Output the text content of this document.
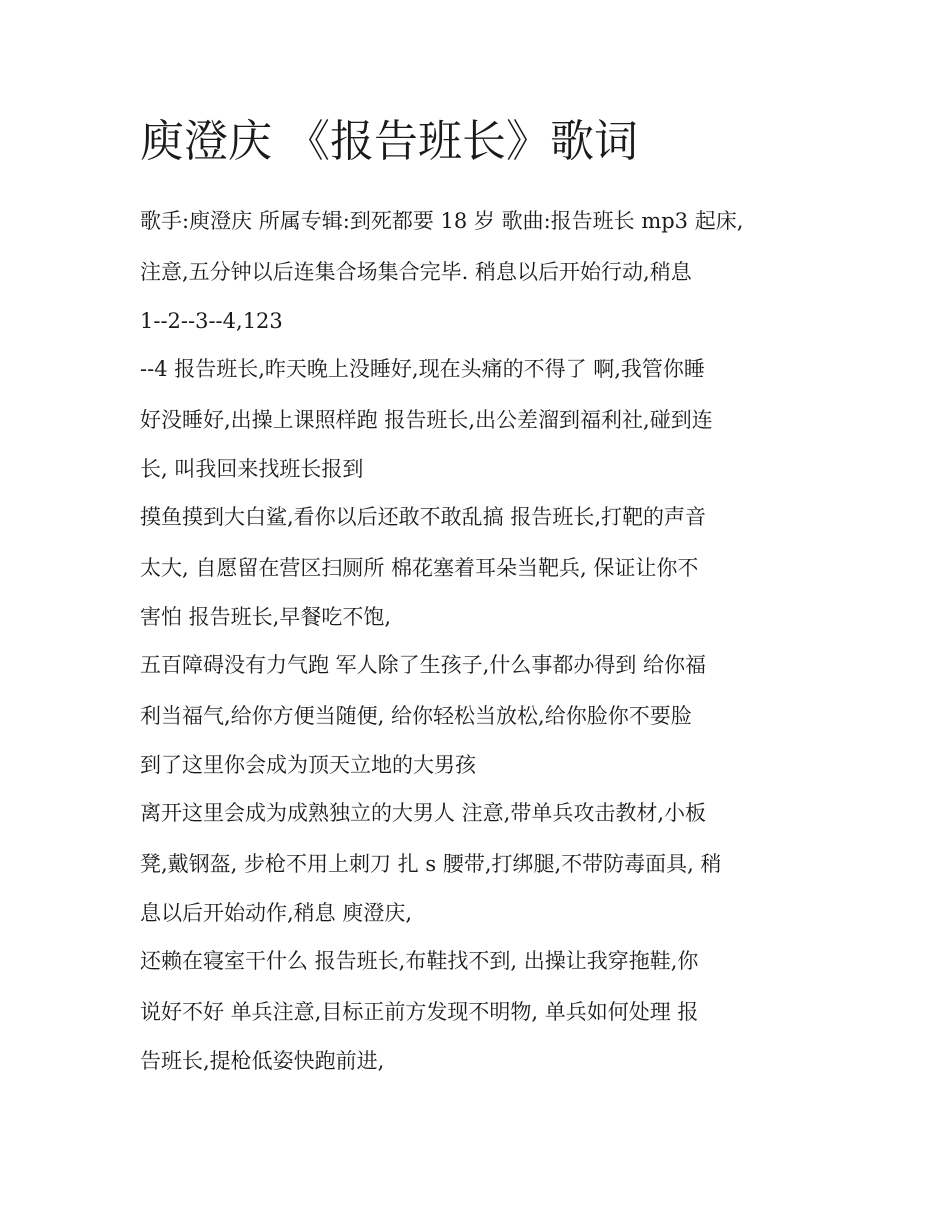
庾澄庆 《报告班长》歌词
歌手:庾澄庆 所属专辑:到死都要 18 岁 歌曲:报告班长 mp3 起床,
注意,五分钟以后连集合场集合完毕. 稍息以后开始行动,稍息
1--2--3--4,123
--4 报告班长,昨天晚上没睡好,现在头痛的不得了 啊,我管你睡
好没睡好,出操上课照样跑 报告班长,出公差溜到福利社,碰到连
长, 叫我回来找班长报到
摸鱼摸到大白鲨,看你以后还敢不敢乱搞 报告班长,打靶的声音
太大, 自愿留在营区扫厕所 棉花塞着耳朵当靶兵, 保证让你不
害怕 报告班长,早餐吃不饱,
五百障碍没有力气跑 军人除了生孩子,什么事都办得到 给你福
利当福气,给你方便当随便, 给你轻松当放松,给你脸你不要脸
到了这里你会成为顶天立地的大男孩
离开这里会成为成熟独立的大男人 注意,带单兵攻击教材,小板
凳,戴钢盔, 步枪不用上刺刀 扎 s 腰带,打绑腿,不带防毒面具, 稍
息以后开始动作,稍息 庾澄庆,
还赖在寝室干什么 报告班长,布鞋找不到, 出操让我穿拖鞋,你
说好不好 单兵注意,目标正前方发现不明物, 单兵如何处理 报
告班长,提枪低姿快跑前进,
